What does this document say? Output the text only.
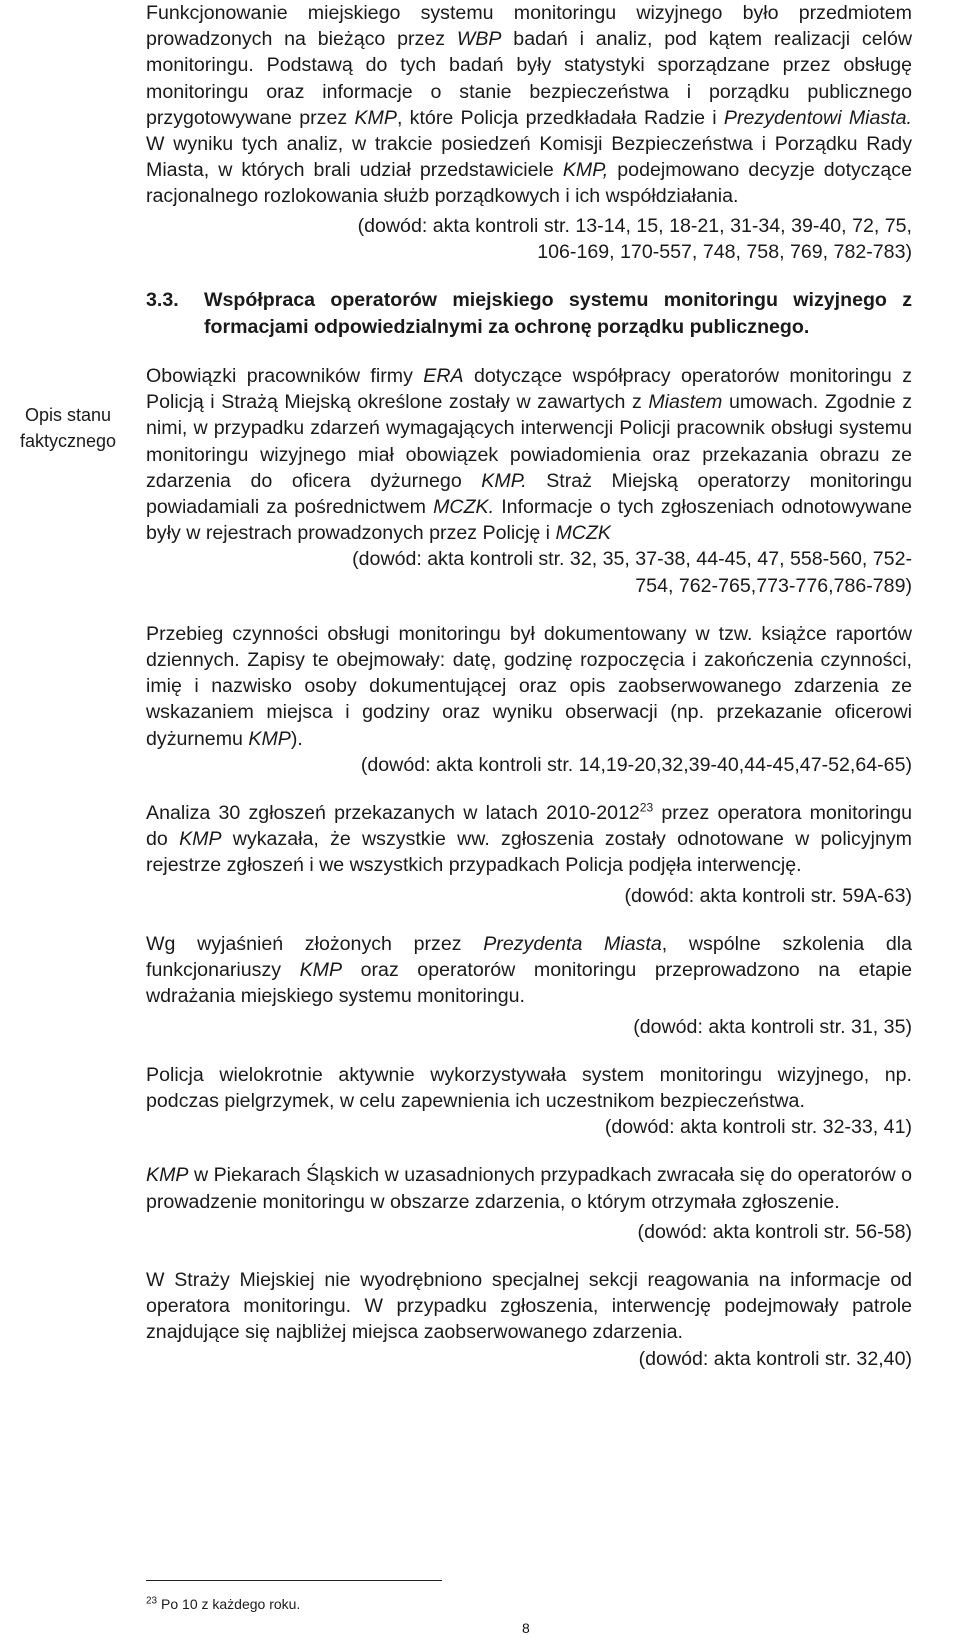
Opis stanu faktycznego

Funkcjonowanie miejskiego systemu monitoringu wizyjnego było przedmiotem prowadzonych na bieżąco przez WBP badań i analiz, pod kątem realizacji celów monitoringu. Podstawą do tych badań były statystyki sporządzane przez obsługę monitoringu oraz informacje o stanie bezpieczeństwa i porządku publicznego przygotowywane przez KMP, które Policja przedkładała Radzie i Prezydentowi Miasta. W wyniku tych analiz, w trakcie posiedzeń Komisji Bezpieczeństwa i Porządku Rady Miasta, w których brali udział przedstawiciele KMP, podejmowano decyzje dotyczące racjonalnego rozlokowania służb porządkowych i ich współdziałania.

(dowód: akta kontroli str. 13-14, 15, 18-21, 31-34, 39-40, 72, 75,

106-169, 170-557, 748, 758, 769, 782-783)

3.3.	Współpraca operatorów miejskiego systemu monitoringu wizyjnego z formacjami odpowiedzialnymi za ochronę porządku publicznego.

Obowiązki pracowników firmy ERA dotyczące współpracy operatorów monitoringu z Policją i Strażą Miejską określone zostały w zawartych z Miastem umowach. Zgodnie z nimi, w przypadku zdarzeń wymagających interwencji Policji pracownik obsługi systemu monitoringu wizyjnego miał obowiązek powiadomienia oraz przekazania obrazu ze zdarzenia do oficera dyżurnego KMP. Straż Miejską operatorzy monitoringu powiadamiali za pośrednictwem MCZK. Informacje o tych zgłoszeniach odnotowywane były w rejestrach prowadzonych przez Policję i MCZK

(dowód: akta kontroli str. 32, 35, 37-38, 44-45, 47, 558-560, 752-

754, 762-765,773-776,786-789)

Przebieg czynności obsługi monitoringu był dokumentowany w tzw. książce raportów dziennych. Zapisy te obejmowały: datę, godzinę rozpoczęcia i zakończenia czynności, imię i nazwisko osoby dokumentującej oraz opis zaobserwowanego zdarzenia ze wskazaniem miejsca i godziny oraz wyniku obserwacji (np. przekazanie oficerowi dyżurnemu KMP).

(dowód: akta kontroli str. 14,19-20,32,39-40,44-45,47-52,64-65)

Analiza 30 zgłoszeń przekazanych w latach 2010-2012$^{23}$ przez operatora monitoringu do KMP wykazała, że wszystkie ww. zgłoszenia zostały odnotowane w policyjnym rejestrze zgłoszeń i we wszystkich przypadkach Policja podjęła interwencję.

(dowód: akta kontroli str. 59A-63)

Wg wyjaśnień złożonych przez Prezydenta Miasta, wspólne szkolenia dla funkcjonariuszy KMP oraz operatorów monitoringu przeprowadzono na etapie wdrażania miejskiego systemu monitoringu.

(dowód: akta kontroli str. 31, 35)

Policja wielokrotnie aktywnie wykorzystywała system monitoringu wizyjnego, np. podczas pielgrzymek, w celu zapewnienia ich uczestnikom bezpieczeństwa.

(dowód: akta kontroli str. 32-33, 41)

KMP w Piekarach Śląskich w uzasadnionych przypadkach zwracała się do operatorów o prowadzenie monitoringu w obszarze zdarzenia, o którym otrzymała zgłoszenie.

(dowód: akta kontroli str. 56-58)

W Straży Miejskiej nie wyodrębniono specjalnej sekcji reagowania na informacje od operatora monitoringu. W przypadku zgłoszenia, interwencję podejmowały patrole znajdujące się najbliżej miejsca zaobserwowanego zdarzenia.

(dowód: akta kontroli str. 32,40)

$^{23}$ Po 10 z każdego roku.
8
